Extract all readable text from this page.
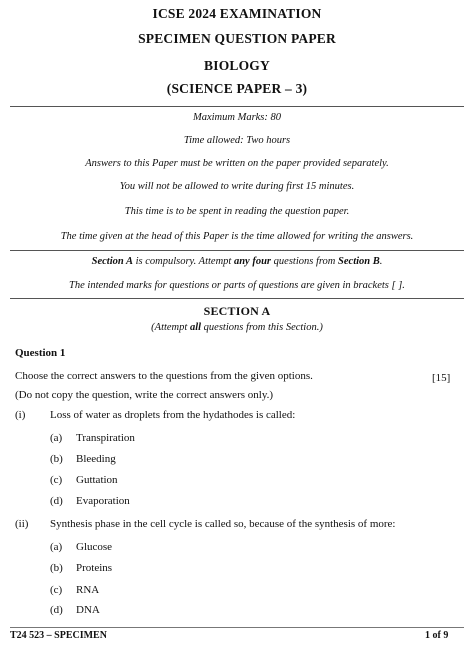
ICSE 2024 EXAMINATION
SPECIMEN QUESTION PAPER
BIOLOGY
(SCIENCE PAPER – 3)
Maximum Marks: 80
Time allowed: Two hours
Answers to this Paper must be written on the paper provided separately.
You will not be allowed to write during first 15 minutes.
This time is to be spent in reading the question paper.
The time given at the head of this Paper is the time allowed for writing the answers.
Section A is compulsory. Attempt any four questions from Section B.
The intended marks for questions or parts of questions are given in brackets [ ].
SECTION A
(Attempt all questions from this Section.)
Question 1
Choose the correct answers to the questions from the given options.	[15]
(Do not copy the question, write the correct answers only.)
(i) Loss of water as droplets from the hydathodes is called:
(a) Transpiration
(b) Bleeding
(c) Guttation
(d) Evaporation
(ii) Synthesis phase in the cell cycle is called so, because of the synthesis of more:
(a) Glucose
(b) Proteins
(c) RNA
(d) DNA
T24 523 – SPECIMEN	1 of 9
